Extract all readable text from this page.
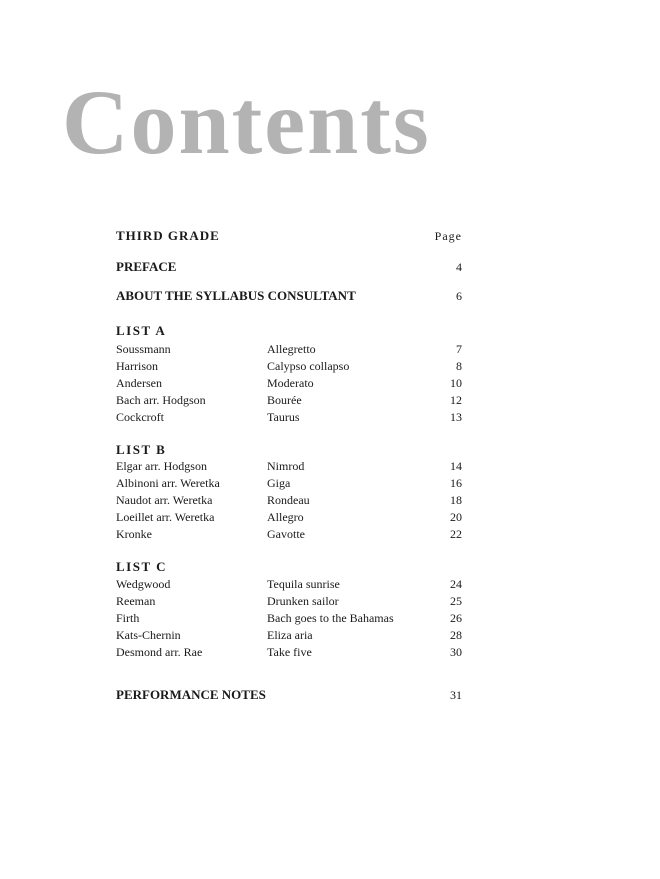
Contents
THIRD GRADE	Page
PREFACE	4
ABOUT THE SYLLABUS CONSULTANT	6
LIST A
Soussmann	Allegretto	7
Harrison	Calypso collapso	8
Andersen	Moderato	10
Bach arr. Hodgson	Bourée	12
Cockcroft	Taurus	13
LIST B
Elgar arr. Hodgson	Nimrod	14
Albinoni arr. Weretka	Giga	16
Naudot arr. Weretka	Rondeau	18
Loeillet arr. Weretka	Allegro	20
Kronke	Gavotte	22
LIST C
Wedgwood	Tequila sunrise	24
Reeman	Drunken sailor	25
Firth	Bach goes to the Bahamas	26
Kats-Chernin	Eliza aria	28
Desmond arr. Rae	Take five	30
PERFORMANCE NOTES	31
